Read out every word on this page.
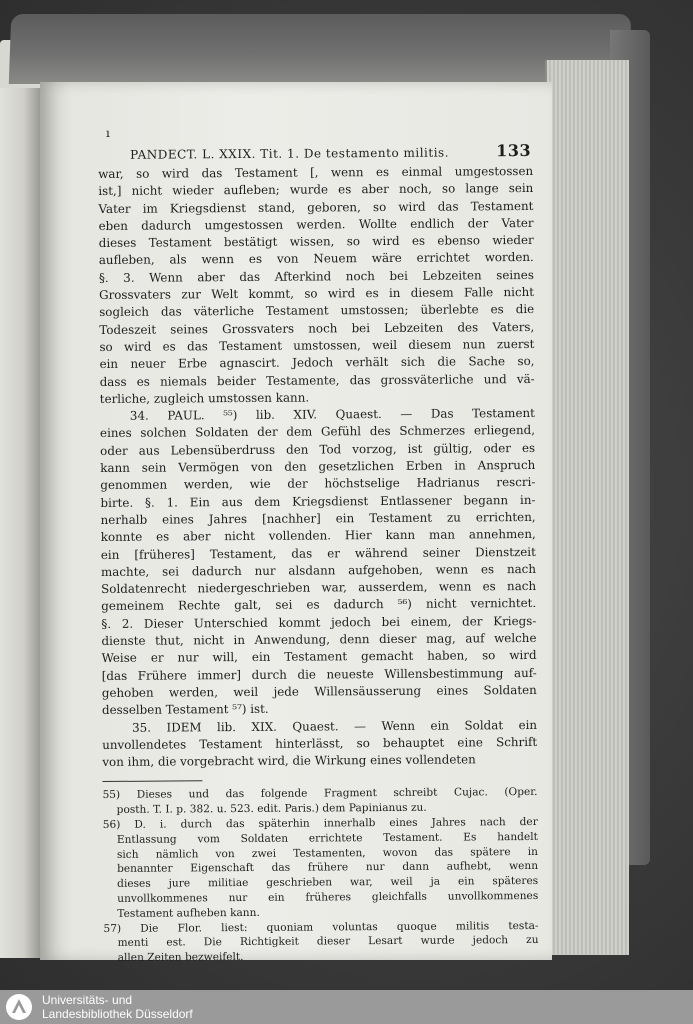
ı
PANDECT. L. XXIX. Tit. 1. De testamento militis.	133
war, so wird das Testament [, wenn es einmal umgestossen
ist,] nicht wieder aufleben; wurde es aber noch, so lange sein
Vater im Kriegsdienst stand, geboren, so wird das Testament
eben dadurch umgestossen werden. Wollte endlich der Vater
dieses Testament bestätigt wissen, so wird es ebenso wieder
aufleben, als wenn es von Neuem wäre errichtet worden.
§. 3. Wenn aber das Afterkind noch bei Lebzeiten seines
Grossvaters zur Welt kommt, so wird es in diesem Falle nicht
sogleich das väterliche Testament umstossen; überlebte es die
Todeszeit seines Grossvaters noch bei Lebzeiten des Vaters,
so wird es das Testament umstossen, weil diesem nun zuerst
ein neuer Erbe agnascirt. Jedoch verhält sich die Sache so,
dass es niemals beider Testamente, das grossväterliche und vä-
terliche, zugleich umstossen kann.
34. PAUL. ⁵⁵) lib. XIV. Quaest. — Das Testament
eines solchen Soldaten der dem Gefühl des Schmerzes erliegend,
oder aus Lebensüberdruss den Tod vorzog, ist gültig, oder es
kann sein Vermögen von den gesetzlichen Erben in Anspruch
genommen werden, wie der höchstselige Hadrianus rescri-
birte. §. 1. Ein aus dem Kriegsdienst Entlassener begann in-
nerhalb eines Jahres [nachher] ein Testament zu errichten,
konnte es aber nicht vollenden. Hier kann man annehmen,
ein [früheres] Testament, das er während seiner Dienstzeit
machte, sei dadurch nur alsdann aufgehoben, wenn es nach
Soldatenrecht niedergeschrieben war, ausserdem, wenn es nach
gemeinem Rechte galt, sei es dadurch ⁵⁶) nicht vernichtet.
§. 2. Dieser Unterschied kommt jedoch bei einem, der Kriegs-
dienste thut, nicht in Anwendung, denn dieser mag, auf welche
Weise er nur will, ein Testament gemacht haben, so wird
[das Frühere immer] durch die neueste Willensbestimmung auf-
gehoben werden, weil jede Willensäusserung eines Soldaten
desselben Testament ⁵⁷) ist.
35. IDEM lib. XIX. Quaest. — Wenn ein Soldat ein
unvollendetes Testament hinterlässt, so behauptet eine Schrift
von ihm, die vorgebracht wird, die Wirkung eines vollendeten
55) Dieses und das folgende Fragment schreibt Cujac. (Oper.
posth. T. I. p. 382. u. 523. edit. Paris.) dem Papinianus zu.
56) D. i. durch das späterhin innerhalb eines Jahres nach der
Entlassung vom Soldaten errichtete Testament. Es handelt
sich nämlich von zwei Testamenten, wovon das spätere in
benannter Eigenschaft das frühere nur dann aufhebt, wenn
dieses jure militiae geschrieben war, weil ja ein späteres
unvollkommenes nur ein früheres gleichfalls unvollkommenes
Testament aufheben kann.
57) Die Flor. liest: quoniam voluntas quoque militis testa-
menti est. Die Richtigkeit dieser Lesart wurde jedoch zu
allen Zeiten bezweifelt.
Universitäts- und
Landesbibliothek Düsseldorf
